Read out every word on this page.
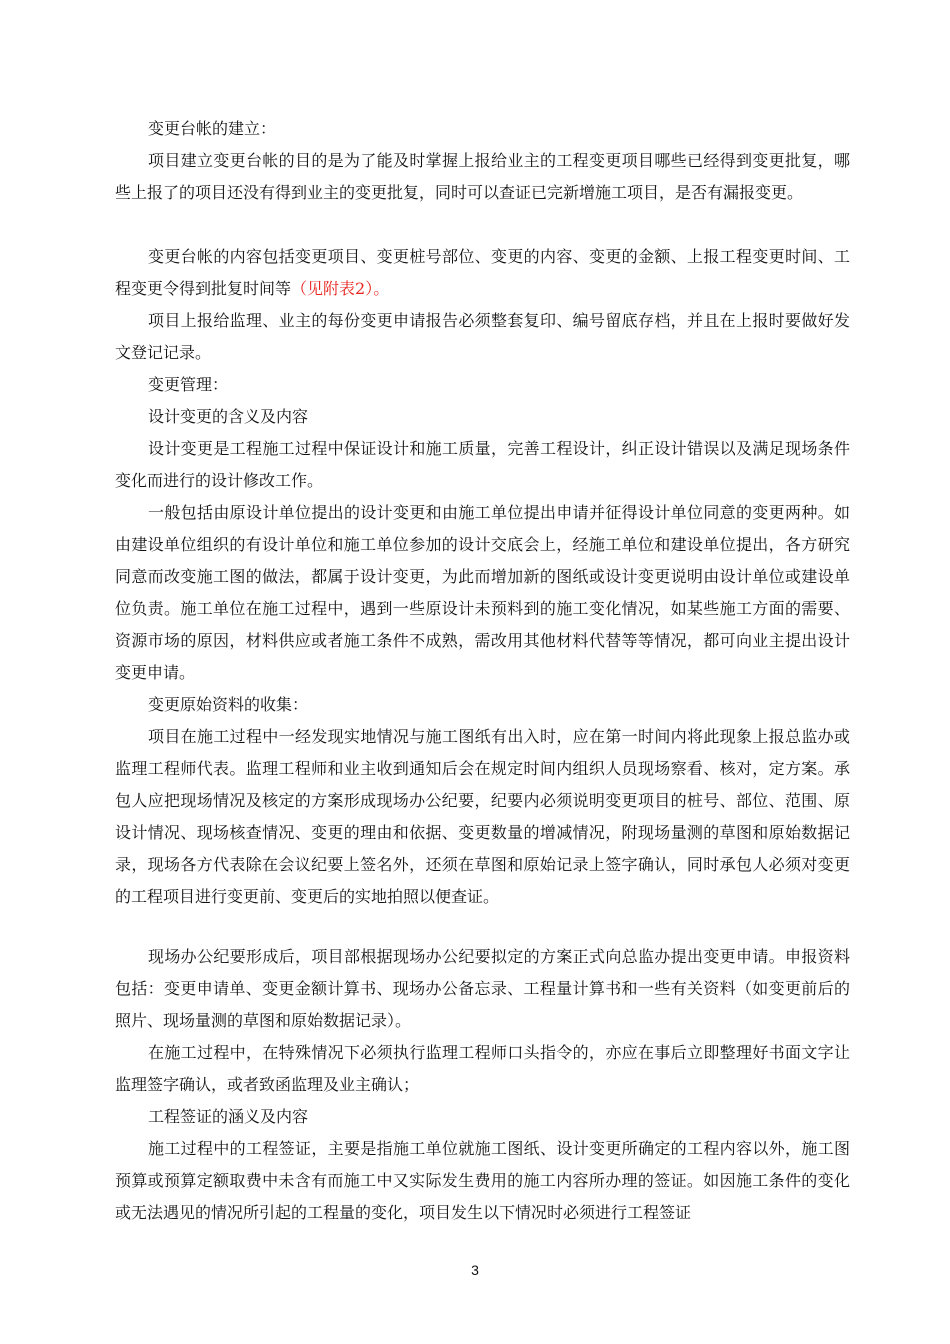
变更台帐的建立：

项目建立变更台帐的目的是为了能及时掌握上报给业主的工程变更项目哪些已经得到变更批复，哪些上报了的项目还没有得到业主的变更批复，同时可以查证已完新增施工项目，是否有漏报变更。

变更台帐的内容包括变更项目、变更桩号部位、变更的内容、变更的金额、上报工程变更时间、工程变更令得到批复时间等（见附表2）。

项目上报给监理、业主的每份变更申请报告必须整套复印、编号留底存档，并且在上报时要做好发文登记记录。

变更管理：

设计变更的含义及内容

设计变更是工程施工过程中保证设计和施工质量，完善工程设计，纠正设计错误以及满足现场条件变化而进行的设计修改工作。

一般包括由原设计单位提出的设计变更和由施工单位提出申请并征得设计单位同意的变更两种。如由建设单位组织的有设计单位和施工单位参加的设计交底会上，经施工单位和建设单位提出，各方研究同意而改变施工图的做法，都属于设计变更，为此而增加新的图纸或设计变更说明由设计单位或建设单位负责。施工单位在施工过程中，遇到一些原设计未预料到的施工变化情况，如某些施工方面的需要、资源市场的原因，材料供应或者施工条件不成熟，需改用其他材料代替等等情况，都可向业主提出设计变更申请。

变更原始资料的收集：

项目在施工过程中一经发现实地情况与施工图纸有出入时，应在第一时间内将此现象上报总监办或监理工程师代表。监理工程师和业主收到通知后会在规定时间内组织人员现场察看、核对，定方案。承包人应把现场情况及核定的方案形成现场办公纪要，纪要内必须说明变更项目的桩号、部位、范围、原设计情况、现场核查情况、变更的理由和依据、变更数量的增减情况，附现场量测的草图和原始数据记录，现场各方代表除在会议纪要上签名外，还须在草图和原始记录上签字确认，同时承包人必须对变更的工程项目进行变更前、变更后的实地拍照以便查证。

现场办公纪要形成后，项目部根据现场办公纪要拟定的方案正式向总监办提出变更申请。申报资料包括：变更申请单、变更金额计算书、现场办公备忘录、工程量计算书和一些有关资料（如变更前后的照片、现场量测的草图和原始数据记录）。

在施工过程中，在特殊情况下必须执行监理工程师口头指令的，亦应在事后立即整理好书面文字让监理签字确认，或者致函监理及业主确认；

工程签证的涵义及内容

施工过程中的工程签证，主要是指施工单位就施工图纸、设计变更所确定的工程内容以外，施工图预算或预算定额取费中未含有而施工中又实际发生费用的施工内容所办理的签证。如因施工条件的变化或无法遇见的情况所引起的工程量的变化，项目发生以下情况时必须进行工程签证

3
